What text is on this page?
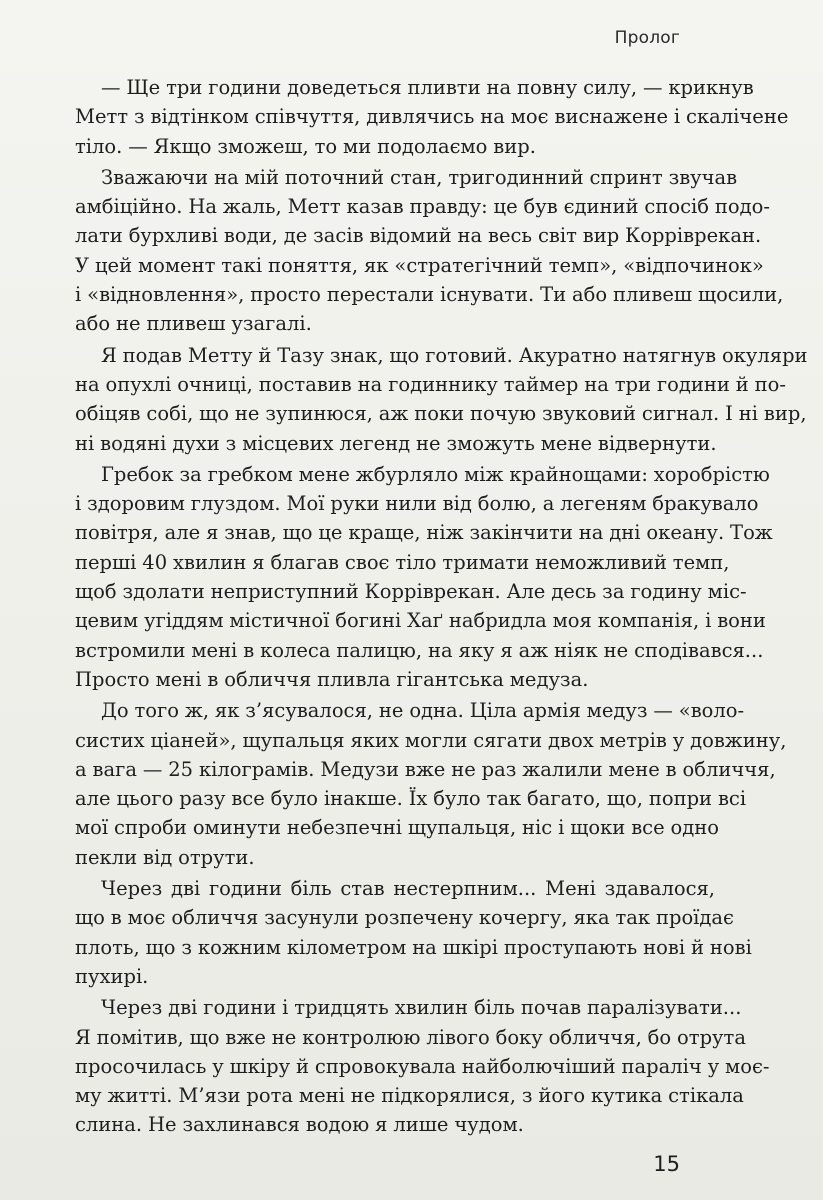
Пролог

— Ще три години доведеться пливти на повну силу, — крикнув
Метт з відтінком співчуття, дивлячись на моє виснажене і скалічене
тіло. — Якщо зможеш, то ми подолаємо вир.

Зважаючи на мій поточний стан, тригодинний спринт звучав
амбіційно. На жаль, Метт казав правду: це був єдиний спосіб подо-
лати бурхливі води, де засів відомий на весь світ вир Корріврекан.
У цей момент такі поняття, як «стратегічний темп», «відпочинок»
і «відновлення», просто перестали існувати. Ти або пливеш щосили,
або не пливеш узагалі.

Я подав Метту й Тазу знак, що готовий. Акуратно натягнув окуляри
на опухлі очниці, поставив на годиннику таймер на три години й по-
обіцяв собі, що не зупинюся, аж поки почую звуковий сигнал. І ні вир,
ні водяні духи з місцевих легенд не зможуть мене відвернути.

Гребок за гребком мене жбурляло між крайнощами: хоробрістю
і здоровим глуздом. Мої руки нили від болю, а легеням бракувало
повітря, але я знав, що це краще, ніж закінчити на дні океану. Тож
перші 40 хвилин я благав своє тіло тримати неможливий темп,
щоб здолати неприступний Корріврекан. Але десь за годину міс-
цевим угіддям містичної богині Хаґ набридла моя компанія, і вони
встромили мені в колеса палицю, на яку я аж ніяк не сподівався...
Просто мені в обличчя пливла гігантська медуза.

До того ж, як з’ясувалося, не одна. Ціла армія медуз — «воло-
систих ціаней», щупальця яких могли сягати двох метрів у довжину,
а вага — 25 кілограмів. Медузи вже не раз жалили мене в обличчя,
але цього разу все було інакше. Їх було так багато, що, попри всі
мої спроби оминути небезпечні щупальця, ніс і щоки все одно
пекли від отрути.

Через дві години біль став нестерпним... Мені здавалося,
що в моє обличчя засунули розпечену кочергу, яка так проїдає
плоть, що з кожним кілометром на шкірі проступають нові й нові
пухирі.

Через дві години і тридцять хвилин біль почав паралізувати...
Я помітив, що вже не контролюю лівого боку обличчя, бо отрута
просочилась у шкіру й спровокувала найболючіший параліч у моє-
му житті. М’язи рота мені не підкорялися, з його кутика стікала
слина. Не захлинався водою я лише чудом.

15
